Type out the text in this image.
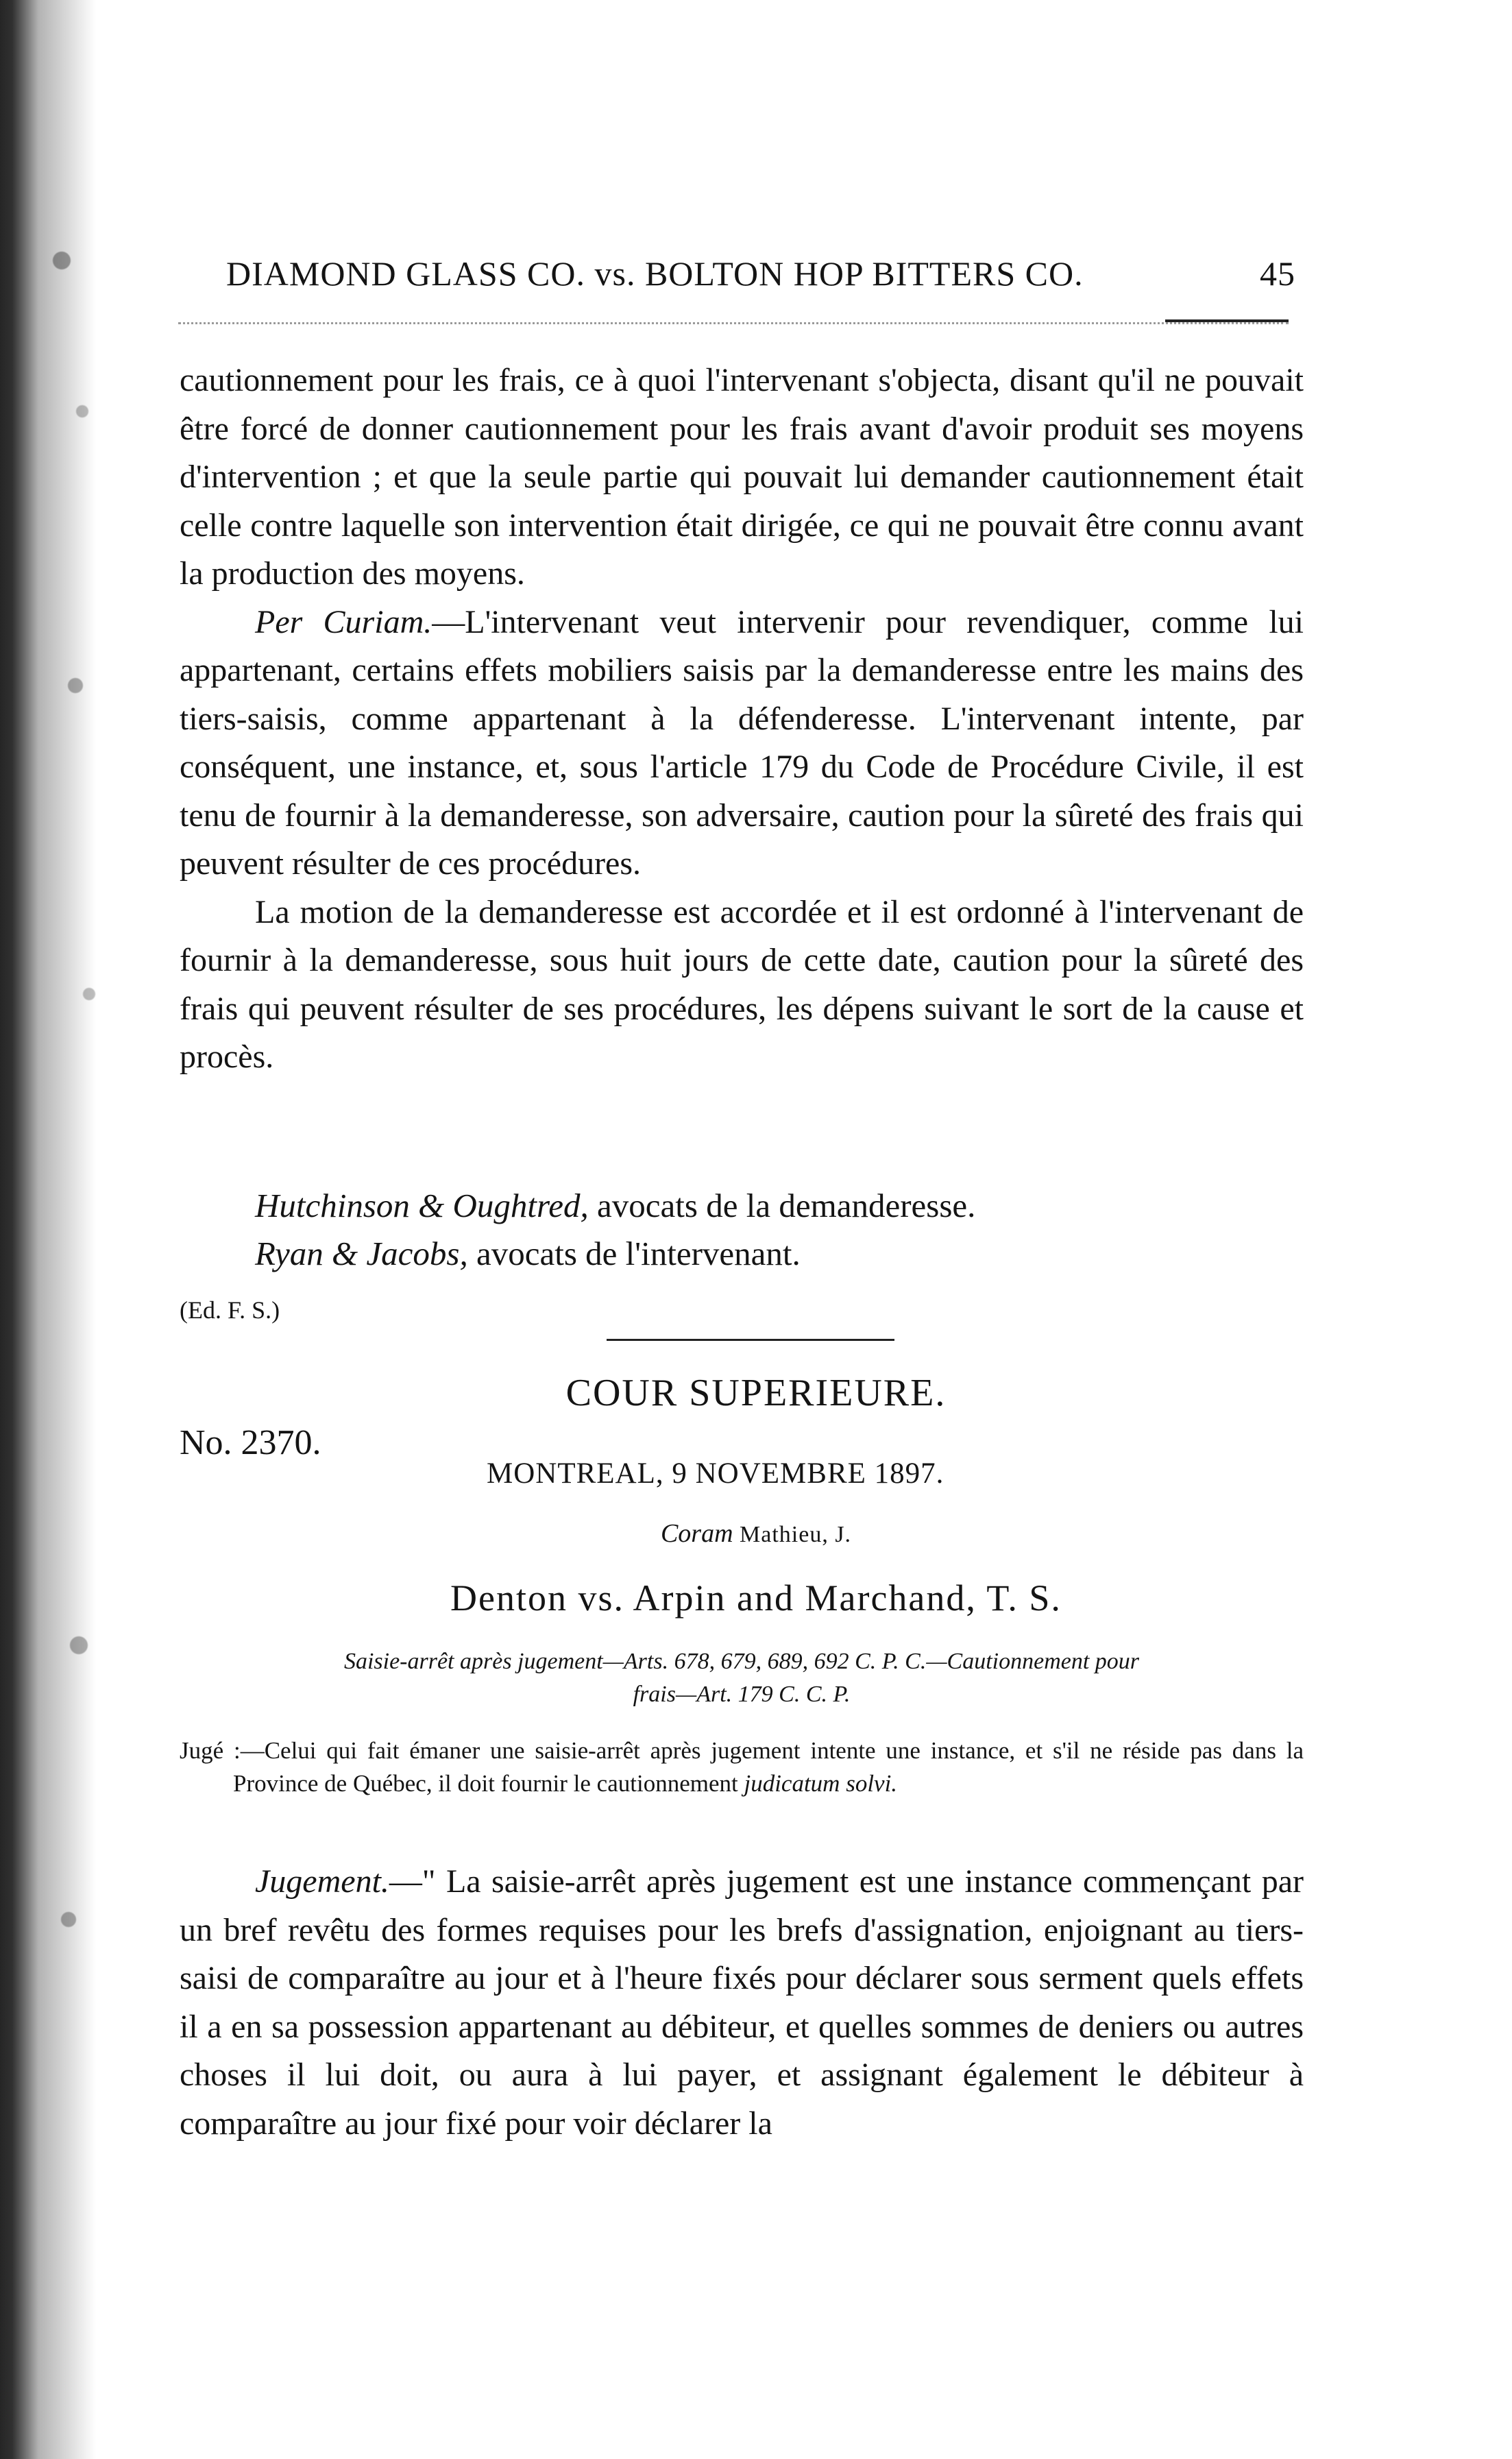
DIAMOND GLASS CO. vs. BOLTON HOP BITTERS CO.	45

cautionnement pour les frais, ce à quoi l'intervenant s'objecta, disant qu'il ne pouvait être forcé de donner cautionnement pour les frais avant d'avoir produit ses moyens d'intervention ; et que la seule partie qui pouvait lui demander cautionnement était celle contre laquelle son intervention était dirigée, ce qui ne pouvait être connu avant la production des moyens.

Per Curiam.—L'intervenant veut intervenir pour revendiquer, comme lui appartenant, certains effets mobiliers saisis par la demanderesse entre les mains des tiers-saisis, comme appartenant à la défenderesse. L'intervenant intente, par conséquent, une instance, et, sous l'article 179 du Code de Procédure Civile, il est tenu de fournir à la demanderesse, son adversaire, caution pour la sûreté des frais qui peuvent résulter de ces procédures.

La motion de la demanderesse est accordée et il est ordonné à l'intervenant de fournir à la demanderesse, sous huit jours de cette date, caution pour la sûreté des frais qui peuvent résulter de ses procédures, les dépens suivant le sort de la cause et procès.

Hutchinson & Oughtred, avocats de la demanderesse.
Ryan & Jacobs, avocats de l'intervenant.
(Ed. F. S.)
COUR SUPERIEURE.
No. 2370.
MONTREAL, 9 NOVEMBRE 1897.
Coram Mathieu, J.
Denton vs. Arpin and Marchand, T. S.
Saisie-arrêt après jugement—Arts. 678, 679, 689, 692 C. P. C.—Cautionnement pour
frais—Art. 179 C. C. P.
Jugé :—Celui qui fait émaner une saisie-arrêt après jugement intente une instance, et s'il ne réside pas dans la Province de Québec, il doit fournir le cautionnement judicatum solvi.

Jugement.—" La saisie-arrêt après jugement est une instance commençant par un bref revêtu des formes requises pour les brefs d'assignation, enjoignant au tiers-saisi de comparaître au jour et à l'heure fixés pour déclarer sous serment quels effets il a en sa possession appartenant au débiteur, et quelles sommes de deniers ou autres choses il lui doit, ou aura à lui payer, et assignant également le débiteur à comparaître au jour fixé pour voir déclarer la
